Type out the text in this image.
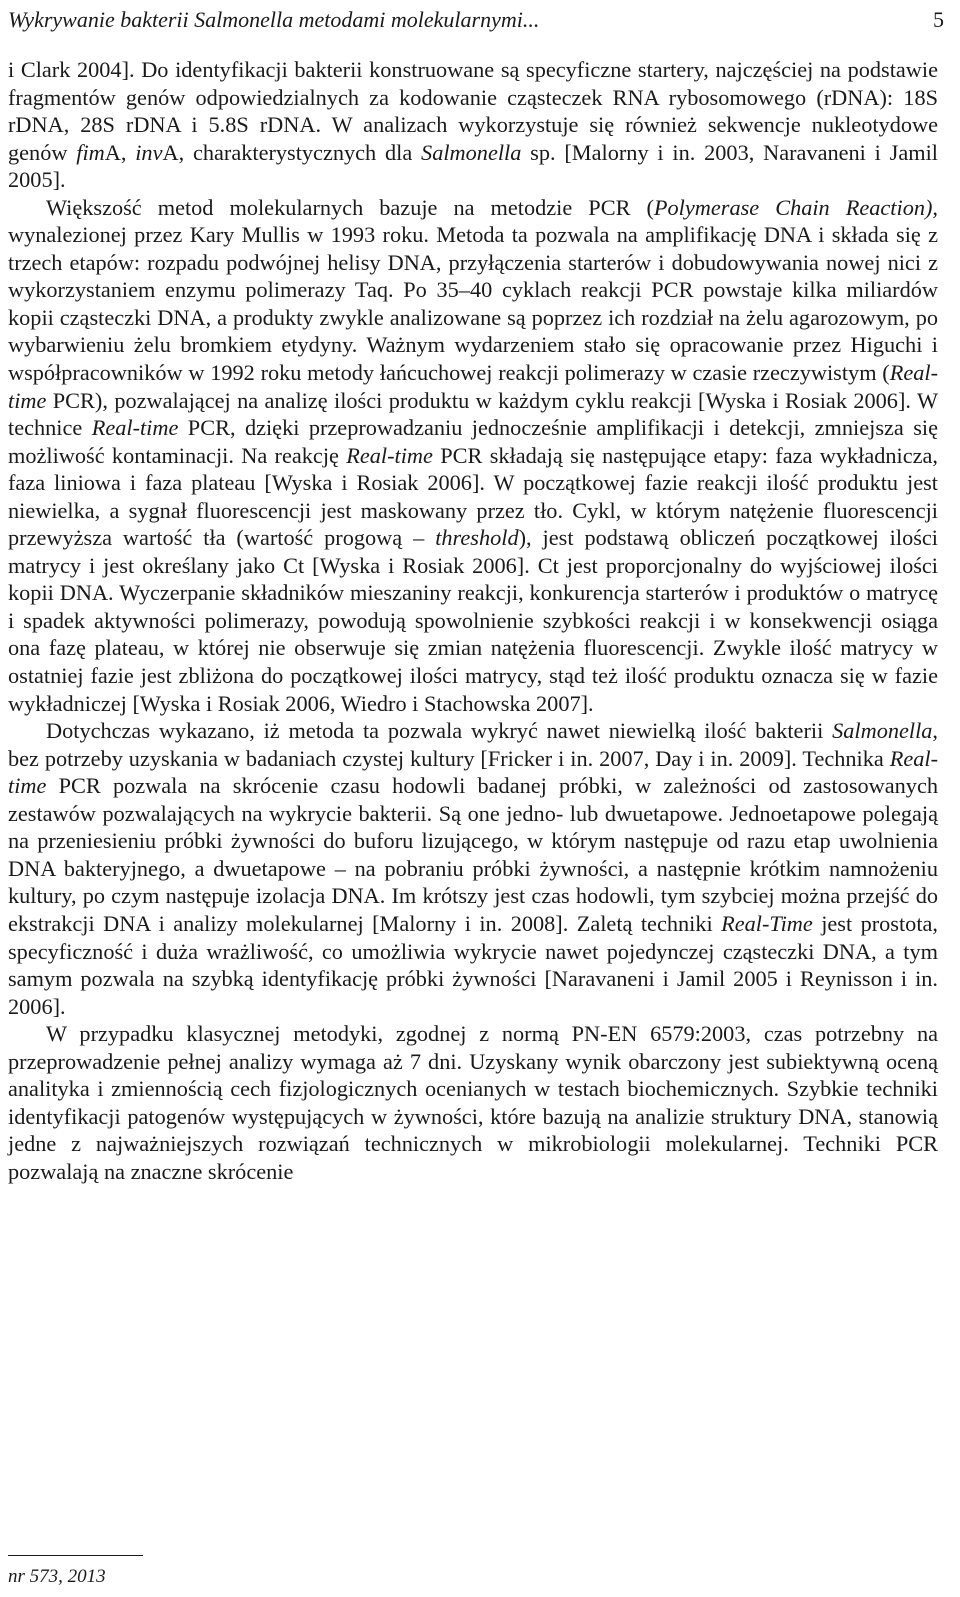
Wykrywanie bakterii Salmonella metodami molekularnymi...	5

i Clark 2004]. Do identyfikacji bakterii konstruowane są specyficzne startery, najczęściej na podstawie fragmentów genów odpowiedzialnych za kodowanie cząsteczek RNA rybosomowego (rDNA): 18S rDNA, 28S rDNA i 5.8S rDNA. W analizach wykorzystuje się również sekwencje nukleotydowe genów fimA, invA, charakterystycznych dla Salmonella sp. [Malorny i in. 2003, Naravaneni i Jamil 2005].

Większość metod molekularnych bazuje na metodzie PCR (Polymerase Chain Reaction), wynalezionej przez Kary Mullis w 1993 roku. Metoda ta pozwala na amplifikację DNA i składa się z trzech etapów: rozpadu podwójnej helisy DNA, przyłączenia starterów i dobudowywania nowej nici z wykorzystaniem enzymu polimerazy Taq. Po 35–40 cyklach reakcji PCR powstaje kilka miliardów kopii cząsteczki DNA, a produkty zwykle analizowane są poprzez ich rozdział na żelu agarozowym, po wybarwieniu żelu bromkiem etydyny. Ważnym wydarzeniem stało się opracowanie przez Higuchi i współpracowników w 1992 roku metody łańcuchowej reakcji polimerazy w czasie rzeczywistym (Real-time PCR), pozwalającej na analizę ilości produktu w każdym cyklu reakcji [Wyska i Rosiak 2006]. W technice Real-time PCR, dzięki przeprowadzaniu jednocześnie amplifikacji i detekcji, zmniejsza się możliwość kontaminacji. Na reakcję Real-time PCR składają się następujące etapy: faza wykładnicza, faza liniowa i faza plateau [Wyska i Rosiak 2006]. W początkowej fazie reakcji ilość produktu jest niewielka, a sygnał fluorescencji jest maskowany przez tło. Cykl, w którym natężenie fluorescencji przewyższa wartość tła (wartość progową – threshold), jest podstawą obliczeń początkowej ilości matrycy i jest określany jako Ct [Wyska i Rosiak 2006]. Ct jest proporcjonalny do wyjściowej ilości kopii DNA. Wyczerpanie składników mieszaniny reakcji, konkurencja starterów i produktów o matrycę i spadek aktywności polimerazy, powodują spowolnienie szybkości reakcji i w konsekwencji osiąga ona fazę plateau, w której nie obserwuje się zmian natężenia fluorescencji. Zwykle ilość matrycy w ostatniej fazie jest zbliżona do początkowej ilości matrycy, stąd też ilość produktu oznacza się w fazie wykładniczej [Wyska i Rosiak 2006, Wiedro i Stachowska 2007].

Dotychczas wykazano, iż metoda ta pozwala wykryć nawet niewielką ilość bakterii Salmonella, bez potrzeby uzyskania w badaniach czystej kultury [Fricker i in. 2007, Day i in. 2009]. Technika Real-time PCR pozwala na skrócenie czasu hodowli badanej próbki, w zależności od zastosowanych zestawów pozwalających na wykrycie bakterii. Są one jedno- lub dwuetapowe. Jednoetapowe polegają na przeniesieniu próbki żywności do buforu lizującego, w którym następuje od razu etap uwolnienia DNA bakteryjnego, a dwuetapowe – na pobraniu próbki żywności, a następnie krótkim namnożeniu kultury, po czym następuje izolacja DNA. Im krótszy jest czas hodowli, tym szybciej można przejść do ekstrakcji DNA i analizy molekularnej [Malorny i in. 2008]. Zaletą techniki Real-Time jest prostota, specyficzność i duża wrażliwość, co umożliwia wykrycie nawet pojedynczej cząsteczki DNA, a tym samym pozwala na szybką identyfikację próbki żywności [Naravaneni i Jamil 2005 i Reynisson i in. 2006].

W przypadku klasycznej metodyki, zgodnej z normą PN-EN 6579:2003, czas potrzebny na przeprowadzenie pełnej analizy wymaga aż 7 dni. Uzyskany wynik obarczony jest subiektywną oceną analityka i zmiennością cech fizjologicznych ocenianych w testach biochemicznych. Szybkie techniki identyfikacji patogenów występujących w żywności, które bazują na analizie struktury DNA, stanowią jedne z najważniejszych rozwiązań technicznych w mikrobiologii molekularnej. Techniki PCR pozwalają na znaczne skrócenie

nr 573, 2013
